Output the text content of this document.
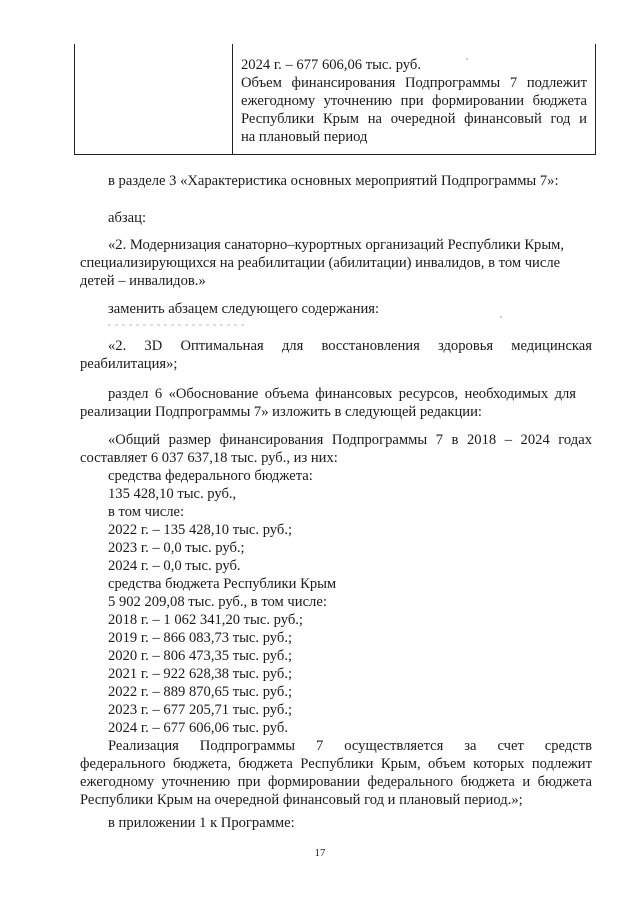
2024 г. – 677 606,06 тыс. руб.
Объем финансирования Подпрограммы 7 подлежит
ежегодному уточнению при формировании бюджета
Республики Крым на очередной финансовый год и
на плановый период

в разделе 3 «Характеристика основных мероприятий Подпрограммы 7»:

абзац:

«2. Модернизация санаторно–курортных организаций Республики Крым,

специализирующихся на реабилитации (абилитации) инвалидов, в том числе

детей – инвалидов.»

заменить абзацем следующего содержания:

«2. 3D Оптимальная для восстановления здоровья медицинская

реабилитация»;

раздел 6 «Обоснование объема финансовых ресурсов, необходимых для

реализации Подпрограммы 7» изложить в следующей редакции:

«Общий размер финансирования Подпрограммы 7 в 2018 – 2024 годах

составляет 6 037 637,18 тыс. руб., из них:

средства федерального бюджета:
135 428,10 тыс. руб.,
в том числе:
2022 г. – 135 428,10 тыс. руб.;
2023 г. – 0,0 тыс. руб.;
2024 г. – 0,0 тыс. руб.
средства бюджета Республики Крым
5 902 209,08 тыс. руб., в том числе:
2018 г. – 1 062 341,20 тыс. руб.;
2019 г. – 866 083,73 тыс. руб.;
2020 г. – 806 473,35 тыс. руб.;
2021 г. – 922 628,38 тыс. руб.;
2022 г. – 889 870,65 тыс. руб.;
2023 г. – 677 205,71 тыс. руб.;
2024 г. – 677 606,06 тыс. руб.

Реализация Подпрограммы 7 осуществляется за счет средств

федерального бюджета, бюджета Республики Крым, объем которых подлежит

ежегодному уточнению при формировании федерального бюджета и бюджета

Республики Крым на очередной финансовый год и плановый период.»;

в приложении 1 к Программе:

17
